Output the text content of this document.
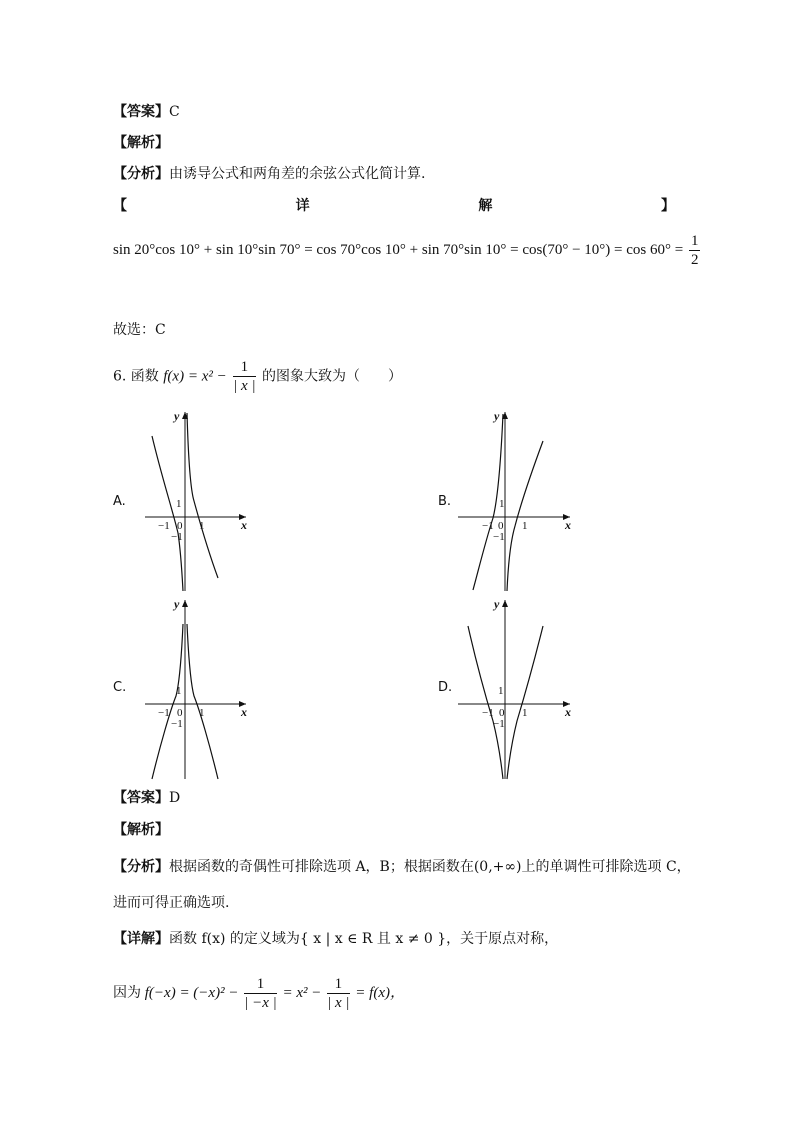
【答案】C
【解析】
【分析】由诱导公式和两角差的余弦公式化简计算.
【	详	解	】
sin 20°cos 10° + sin 10°sin 70° = cos 70°cos 10° + sin 70°sin $10^\circ = \cos(70^\circ - 10^\circ) = \cos 60^\circ = \frac{1}{2}$
故选：C
6. 函数 $f(x) = x^2 - \frac{1}{| x |}$ 的图象大致为（　　）
A.	B.
C.	D.
y
x
1
−1 0
−1
1
y
x
1
−1 0
−1
1
y
x
1
−1 0
−1
1
y
x
1
−1 0
−1
1
【答案】D
【解析】
【分析】根据函数的奇偶性可排除选项 A，B；根据函数在(0,+∞)上的单调性可排除选项 C，
进而可得正确选项.
【详解】函数 f(x) 的定义域为{ x | x ∈ R 且 x ≠ 0 }，关于原点对称，
因为 $f(-x) = (-x)^2 - \frac{1}{| -x |} = x^2 - \frac{1}{| x |} = f(x)$，
